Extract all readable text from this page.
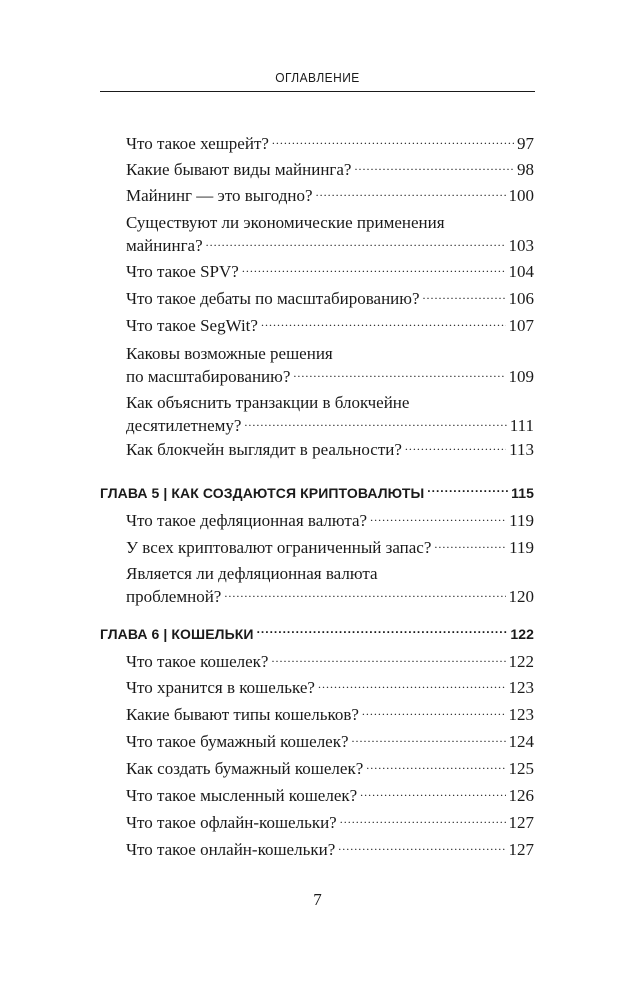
ОГЛАВЛЕНИЕ
Что такое хешрейт? .....	97
Какие бывают виды майнинга? .....	98
Майнинг — это выгодно? .....	100
Существуют ли экономические применения
майнинга? .....	103
Что такое SPV? .....	104
Что такое дебаты по масштабированию? .....	106
Что такое SegWit? .....	107
Каковы возможные решения
по масштабированию? .....	109
Как объяснить транзакции в блокчейне
десятилетнему? .....	111
Как блокчейн выглядит в реальности? .....	113
ГЛАВА 5 | КАК СОЗДАЮТСЯ КРИПТОВАЛЮТЫ .....	115
Что такое дефляционная валюта? .....	119
У всех криптовалют ограниченный запас? .....	119
Является ли дефляционная валюта
проблемной? .....	120
ГЛАВА 6 | КОШЕЛЬКИ .....	122
Что такое кошелек? .....	122
Что хранится в кошельке? .....	123
Какие бывают типы кошельков? .....	123
Что такое бумажный кошелек? .....	124
Как создать бумажный кошелек? .....	125
Что такое мысленный кошелек? .....	126
Что такое офлайн-кошельки? .....	127
Что такое онлайн-кошельки? .....	127
7
